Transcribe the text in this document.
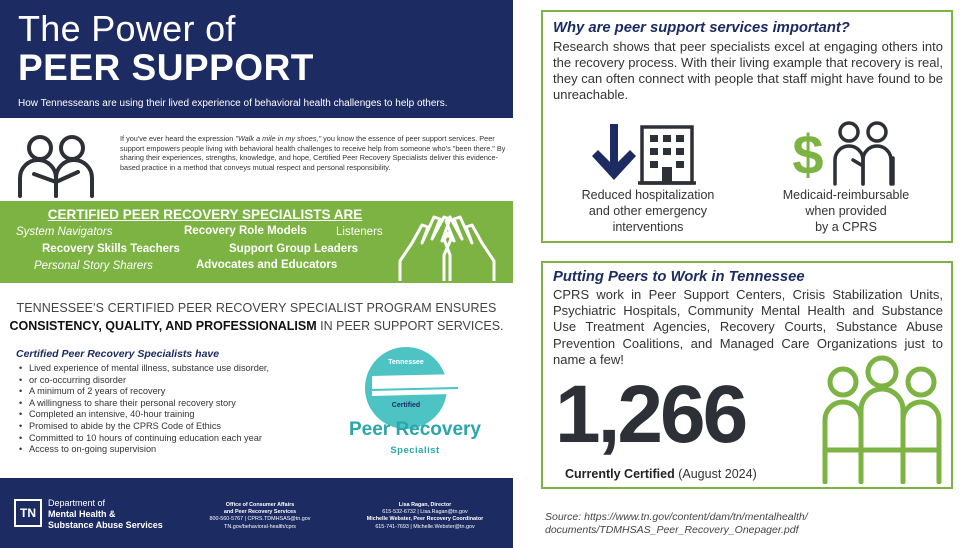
The Power of
PEER SUPPORT
How Tennesseans are using their lived experience of behavioral health challenges to help others.

If you've ever heard the expression "Walk a mile in my shoes," you know the essence of peer support services. Peer support empowers people living with behavioral health challenges to receive help from someone who's "been there." By sharing their experiences, strengths, knowledge, and hope, Certified Peer Recovery Specialists deliver this evidence-based practice in a method that conveys mutual respect and personal responsibility.

CERTIFIED PEER RECOVERY SPECIALISTS ARE
System Navigators	Recovery Role Models	Listeners
Recovery Skills Teachers	Support Group Leaders
Personal Story Sharers	Advocates and Educators
TENNESSEE'S CERTIFIED PEER RECOVERY SPECIALIST PROGRAM ENSURES
CONSISTENCY, QUALITY, AND PROFESSIONALISM IN PEER SUPPORT SERVICES.
Certified Peer Recovery Specialists have
• Lived experience of mental illness, substance use disorder,
• or co-occurring disorder
• A minimum of 2 years of recovery
• A willingness to share their personal recovery story
• Completed an intensive, 40-hour training
• Promised to abide by the CPRS Code of Ethics
• Committed to 10 hours of continuing education each year
• Access to on-going supervision
Tennessee
Certified
Peer Recovery
Specialist
TN
Department of
Mental Health &
Substance Abuse Services
Office of Consumer Affairs
and Peer Recovery Services
800-560-5767 | CPRS.TDMHSAS@tn.gov
TN.gov/behavioral-health/cprs
Lisa Ragan, Director
615-532-6732 | Lisa.Ragan@tn.gov
Michelle Webster, Peer Recovery Coordinator
615-741-7693 | Michelle.Webster@tn.gov
Why are peer support services important?
Research shows that peer specialists excel at engaging others into the recovery process. With their living example that recovery is real, they can often connect with people that staff might have found to be unreachable.
$
Reduced hospitalization
and other emergency
interventions
Medicaid-reimbursable
when provided
by a CPRS
Putting Peers to Work in Tennessee
CPRS work in Peer Support Centers, Crisis Stabilization Units, Psychiatric Hospitals, Community Mental Health and Substance Use Treatment Agencies, Recovery Courts, Substance Abuse Prevention Coalitions, and Managed Care Organizations just to name a few!
1,266
Currently Certified (August 2024)
Source: https://www.tn.gov/content/dam/tn/mentalhealth/
documents/TDMHSAS_Peer_Recovery_Onepager.pdf
